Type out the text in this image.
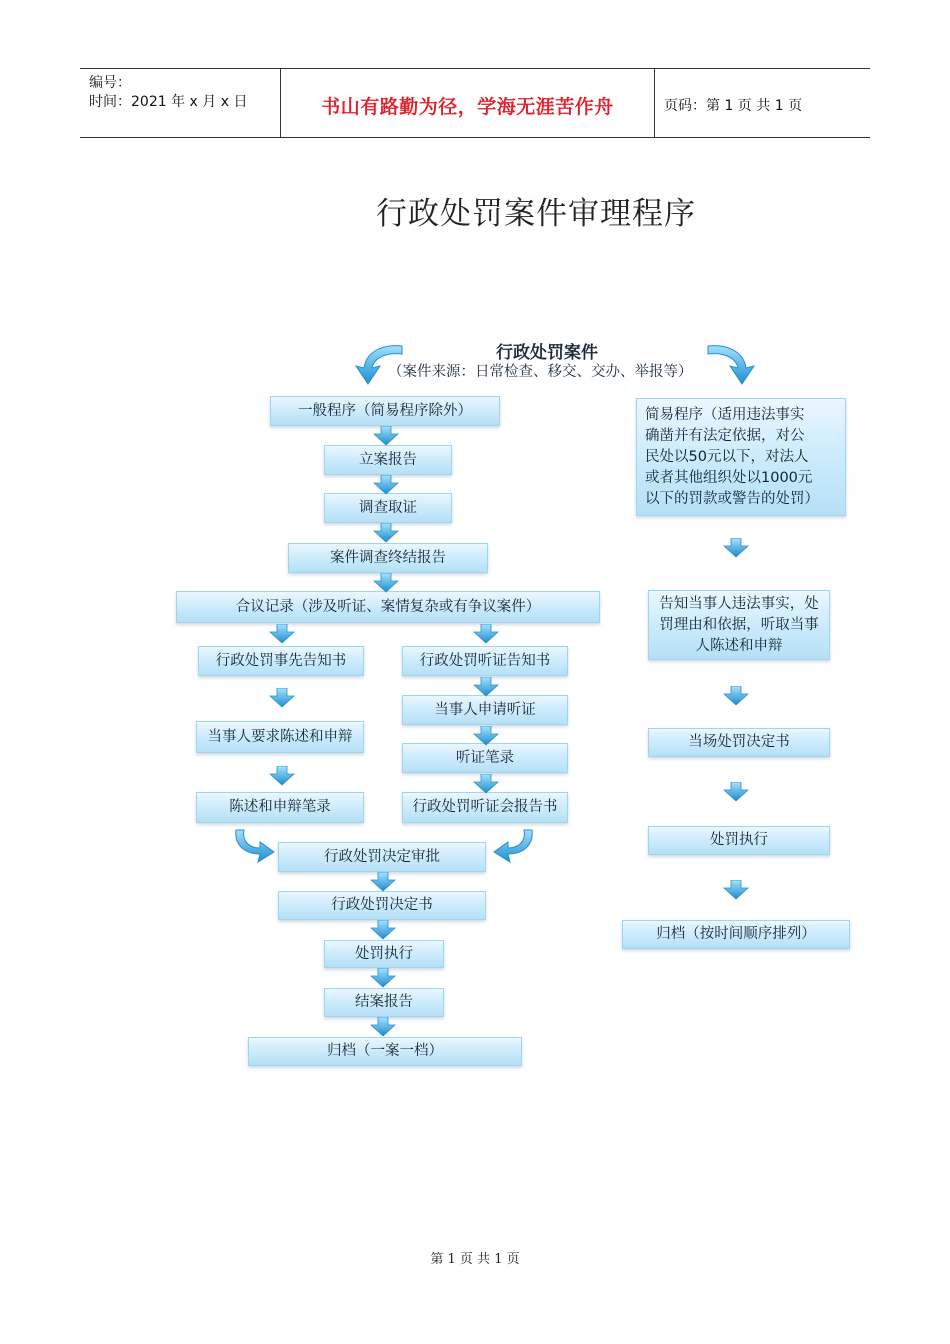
编号：
时间：2021 年 x 月 x 日	书山有路勤为径，学海无涯苦作舟	页码：第 1 页 共 1 页
行政处罚案件审理程序
行政处罚案件
（案件来源：日常检查、移交、交办、举报等）
一般程序（简易程序除外）
立案报告
调查取证
案件调查终结报告
合议记录（涉及听证、案情复杂或有争议案件）
行政处罚事先告知书
当事人要求陈述和申辩
陈述和申辩笔录
行政处罚听证告知书
当事人申请听证
听证笔录
行政处罚听证会报告书
行政处罚决定审批
行政处罚决定书
处罚执行
结案报告
归档（一案一档）
简易程序（适用违法事实
确凿并有法定依据，对公
民处以50元以下，对法人
或者其他组织处以1000元
以下的罚款或警告的处罚）
告知当事人违法事实，处
罚理由和依据，听取当事
人陈述和申辩
当场处罚决定书
处罚执行
归档（按时间顺序排列）
第 1 页 共 1 页
